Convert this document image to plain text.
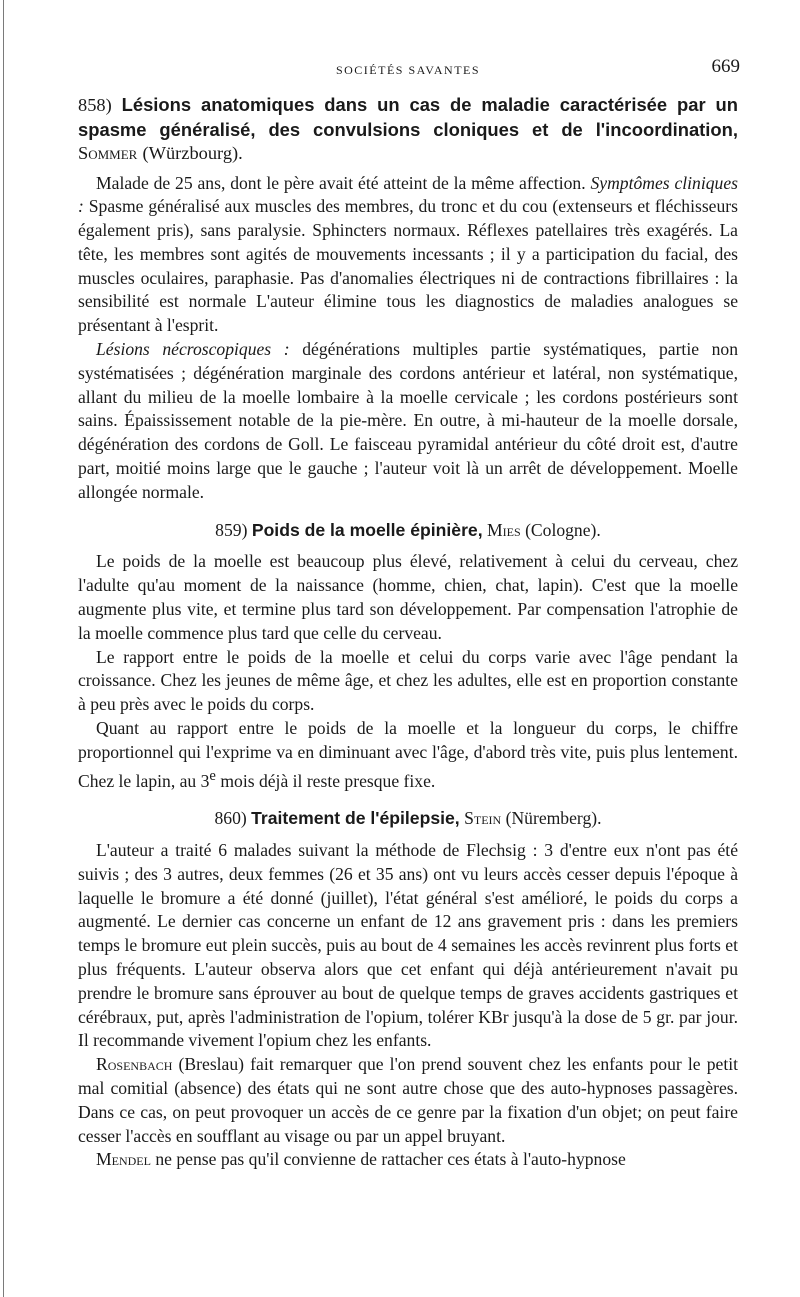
SOCIÉTÉS SAVANTES	669
858) Lésions anatomiques dans un cas de maladie caractérisée par un spasme généralisé, des convulsions cloniques et de l'incoordination, Sommer (Würzbourg).

Malade de 25 ans, dont le père avait été atteint de la même affection. Symptômes cliniques : Spasme généralisé aux muscles des membres, du tronc et du cou (extenseurs et fléchisseurs également pris), sans paralysie. Sphincters normaux. Réflexes patellaires très exagérés. La tête, les membres sont agités de mouvements incessants ; il y a participation du facial, des muscles oculaires, paraphasie. Pas d'anomalies électriques ni de contractions fibrillaires : la sensibilité est normale L'auteur élimine tous les diagnostics de maladies analogues se présentant à l'esprit.

Lésions nécroscopiques : dégénérations multiples partie systématiques, partie non systématisées ; dégénération marginale des cordons antérieur et latéral, non systématique, allant du milieu de la moelle lombaire à la moelle cervicale ; les cordons postérieurs sont sains. Épaississement notable de la pie-mère. En outre, à mi-hauteur de la moelle dorsale, dégénération des cordons de Goll. Le faisceau pyramidal antérieur du côté droit est, d'autre part, moitié moins large que le gauche ; l'auteur voit là un arrêt de développement. Moelle allongée normale.

859) Poids de la moelle épinière, Mies (Cologne).

Le poids de la moelle est beaucoup plus élevé, relativement à celui du cerveau, chez l'adulte qu'au moment de la naissance (homme, chien, chat, lapin). C'est que la moelle augmente plus vite, et termine plus tard son développement. Par compensation l'atrophie de la moelle commence plus tard que celle du cerveau.

Le rapport entre le poids de la moelle et celui du corps varie avec l'âge pendant la croissance. Chez les jeunes de même âge, et chez les adultes, elle est en proportion constante à peu près avec le poids du corps.

Quant au rapport entre le poids de la moelle et la longueur du corps, le chiffre proportionnel qui l'exprime va en diminuant avec l'âge, d'abord très vite, puis plus lentement. Chez le lapin, au 3e mois déjà il reste presque fixe.

860) Traitement de l'épilepsie, Stein (Nüremberg).

L'auteur a traité 6 malades suivant la méthode de Flechsig : 3 d'entre eux n'ont pas été suivis ; des 3 autres, deux femmes (26 et 35 ans) ont vu leurs accès cesser depuis l'époque à laquelle le bromure a été donné (juillet), l'état général s'est amélioré, le poids du corps a augmenté. Le dernier cas concerne un enfant de 12 ans gravement pris : dans les premiers temps le bromure eut plein succès, puis au bout de 4 semaines les accès revinrent plus forts et plus fréquents. L'auteur observa alors que cet enfant qui déjà antérieurement n'avait pu prendre le bromure sans éprouver au bout de quelque temps de graves accidents gastriques et cérébraux, put, après l'administration de l'opium, tolérer KBr jusqu'à la dose de 5 gr. par jour. Il recommande vivement l'opium chez les enfants.

Rosenbach (Breslau) fait remarquer que l'on prend souvent chez les enfants pour le petit mal comitial (absence) des états qui ne sont autre chose que des auto-hypnoses passagères. Dans ce cas, on peut provoquer un accès de ce genre par la fixation d'un objet; on peut faire cesser l'accès en soufflant au visage ou par un appel bruyant.

Mendel ne pense pas qu'il convienne de rattacher ces états à l'auto-hypnose
